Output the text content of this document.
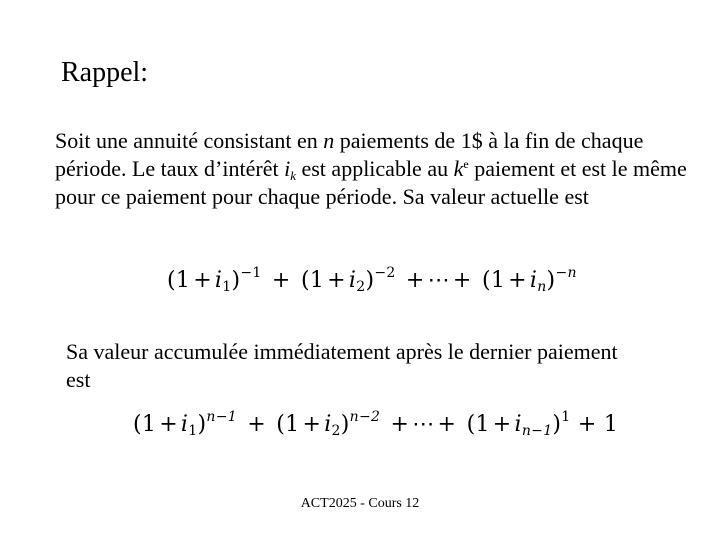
Rappel:
Soit une annuité consistant en n paiements de 1$ à la fin de chaque période. Le taux d’intérêt ik est applicable au $k^e$ paiement et est le même pour ce paiement pour chaque période. Sa valeur actuelle est
$(1 + i_1)^{-1} + (1 + i_2)^{-2}$ + ⋯ + $(1 + i_n)^{-n}$
Sa valeur accumulée immédiatement après le dernier paiement est
$(1 + i_1)^{n-1} + (1 + i_2)^{n-2}$ + ⋯ + $(1 + i_{n-1})^1 + 1$
ACT2025 - Cours 12
